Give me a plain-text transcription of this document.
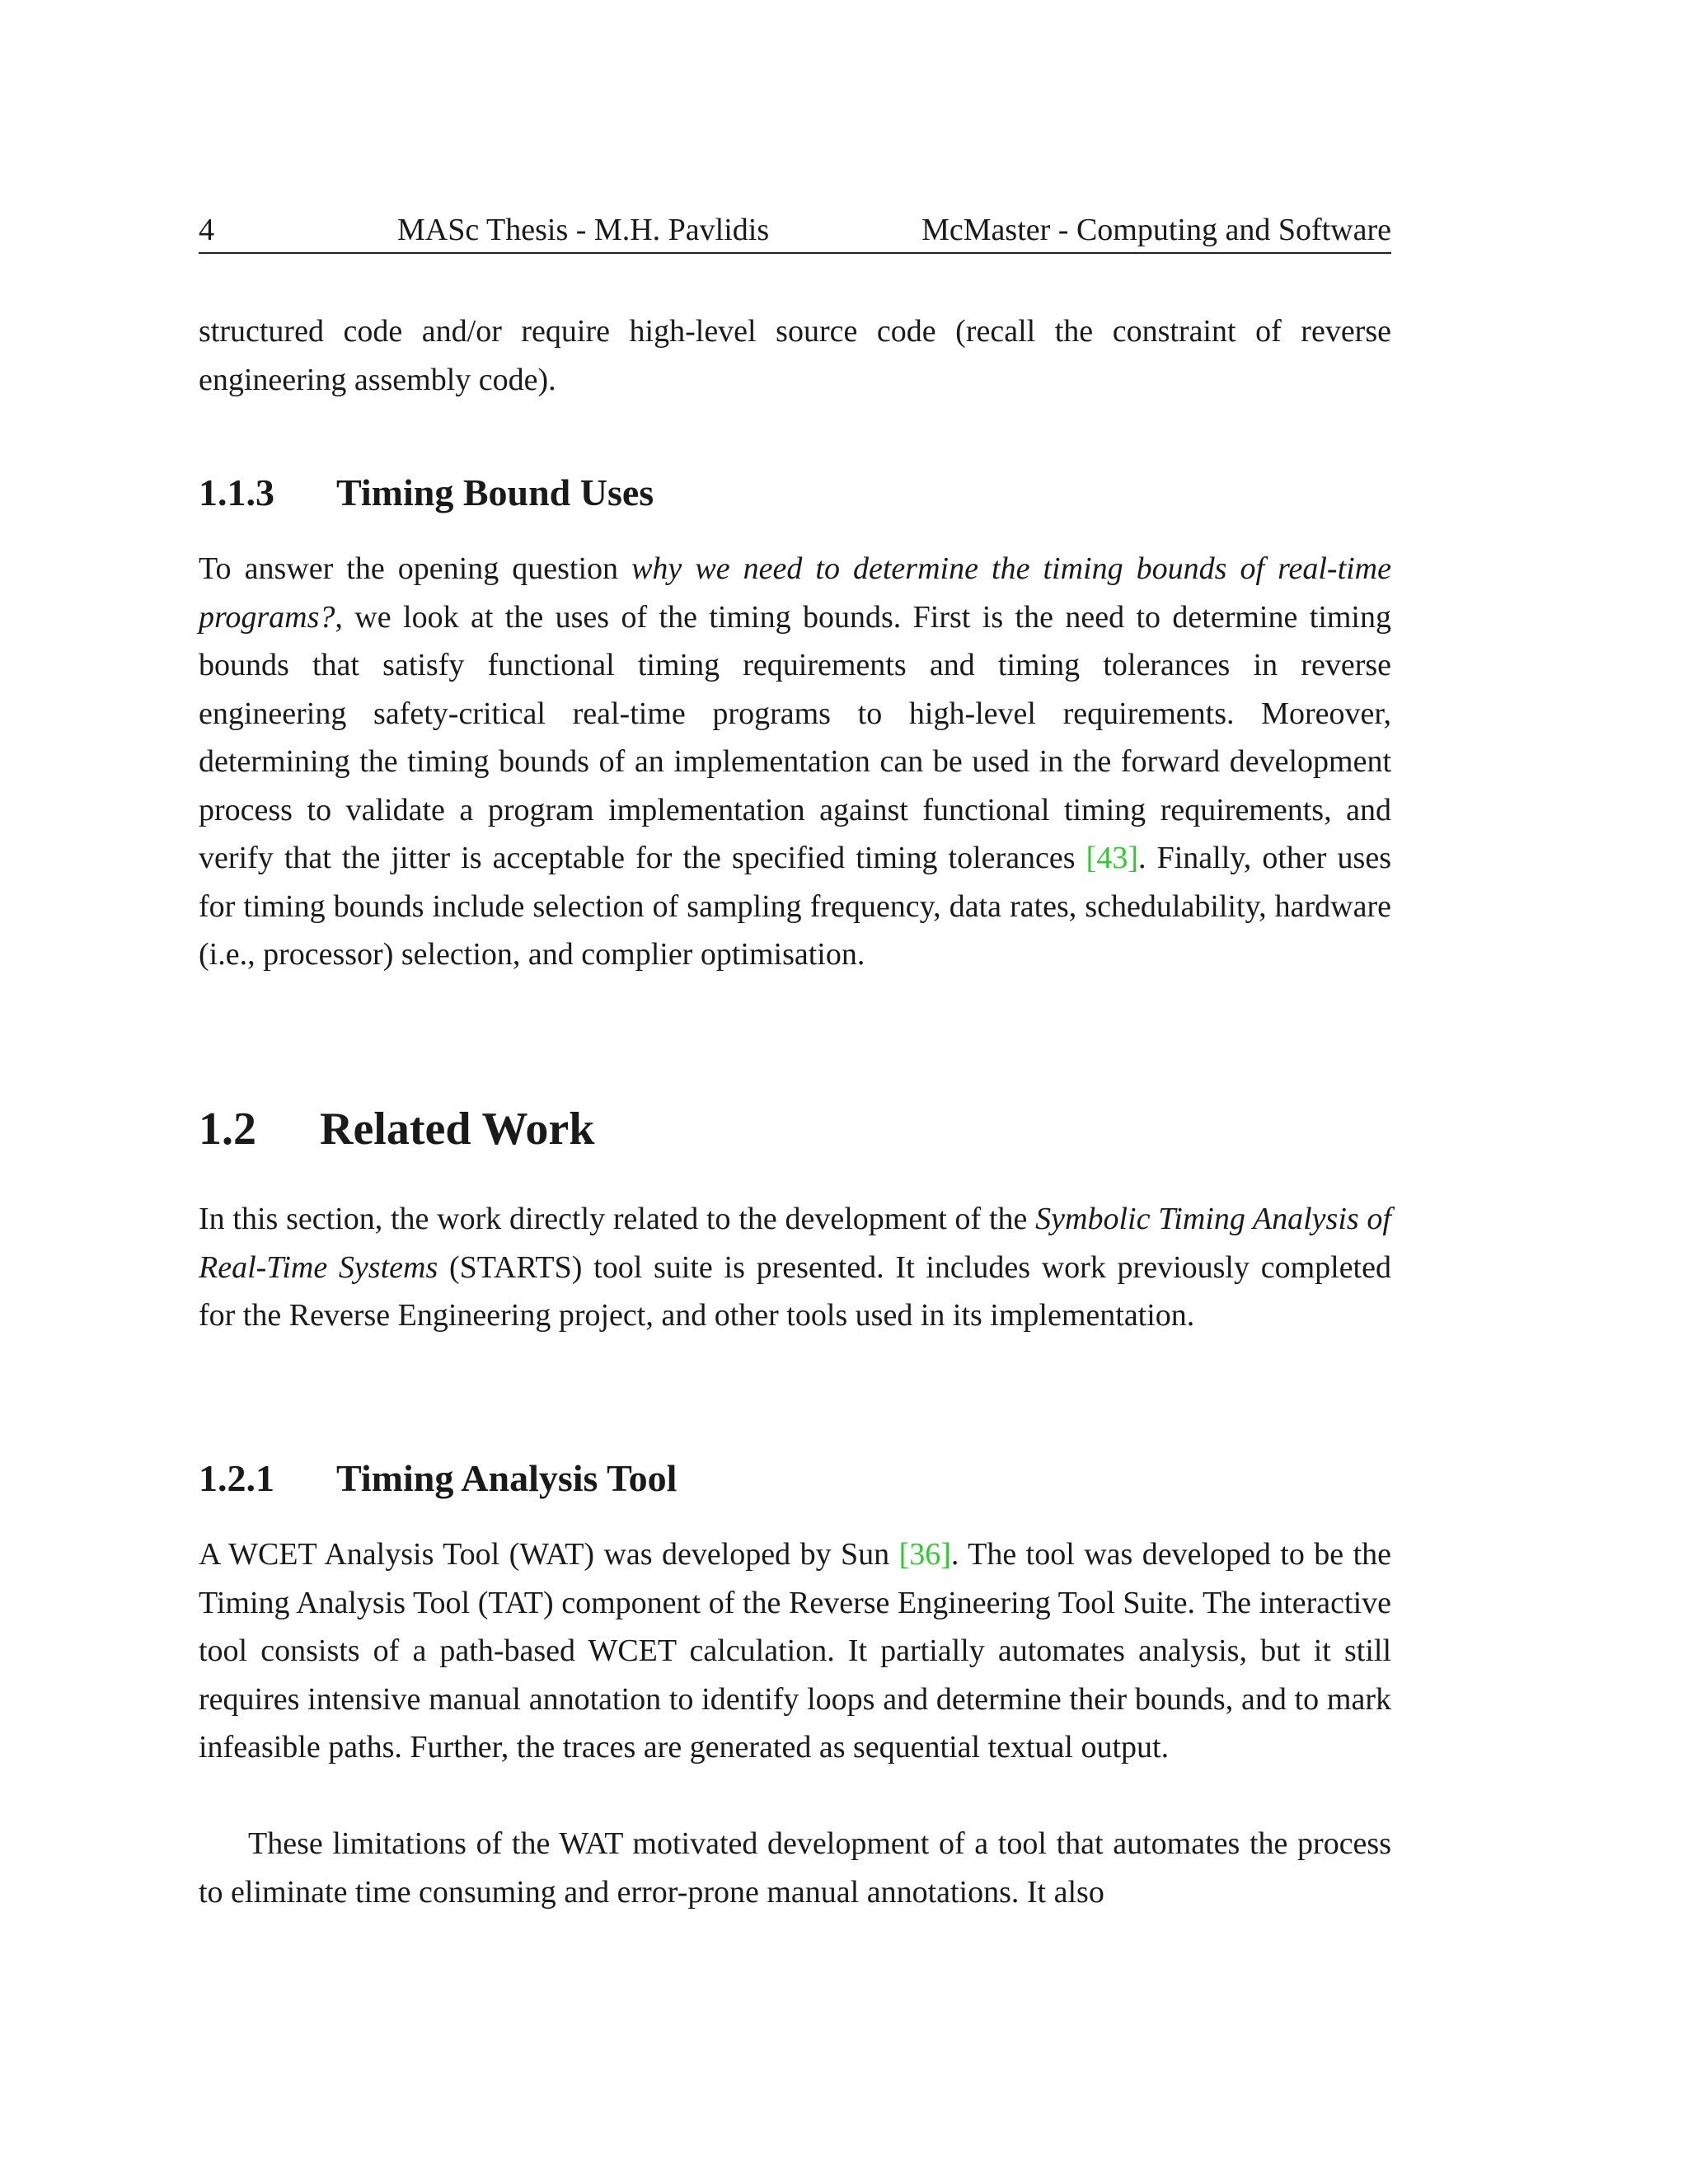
4	MASc Thesis - M.H. Pavlidis	McMaster - Computing and Software

structured code and/or require high-level source code (recall the constraint of reverse engineering assembly code).

1.1.3 Timing Bound Uses

To answer the opening question why we need to determine the timing bounds of real-time programs?, we look at the uses of the timing bounds. First is the need to determine timing bounds that satisfy functional timing requirements and timing tolerances in reverse engineering safety-critical real-time programs to high-level requirements. Moreover, determining the timing bounds of an implementation can be used in the forward development process to validate a program implementation against functional timing requirements, and verify that the jitter is acceptable for the specified timing tolerances [43]. Finally, other uses for timing bounds include selection of sampling frequency, data rates, schedulability, hardware (i.e., processor) selection, and complier optimisation.

1.2 Related Work

In this section, the work directly related to the development of the Symbolic Timing Analysis of Real-Time Systems (STARTS) tool suite is presented. It includes work previously completed for the Reverse Engineering project, and other tools used in its implementation.

1.2.1 Timing Analysis Tool

A WCET Analysis Tool (WAT) was developed by Sun [36]. The tool was developed to be the Timing Analysis Tool (TAT) component of the Reverse Engineering Tool Suite. The interactive tool consists of a path-based WCET calculation. It partially automates analysis, but it still requires intensive manual annotation to identify loops and determine their bounds, and to mark infeasible paths. Further, the traces are generated as sequential textual output.

These limitations of the WAT motivated development of a tool that automates the process to eliminate time consuming and error-prone manual annotations. It also
